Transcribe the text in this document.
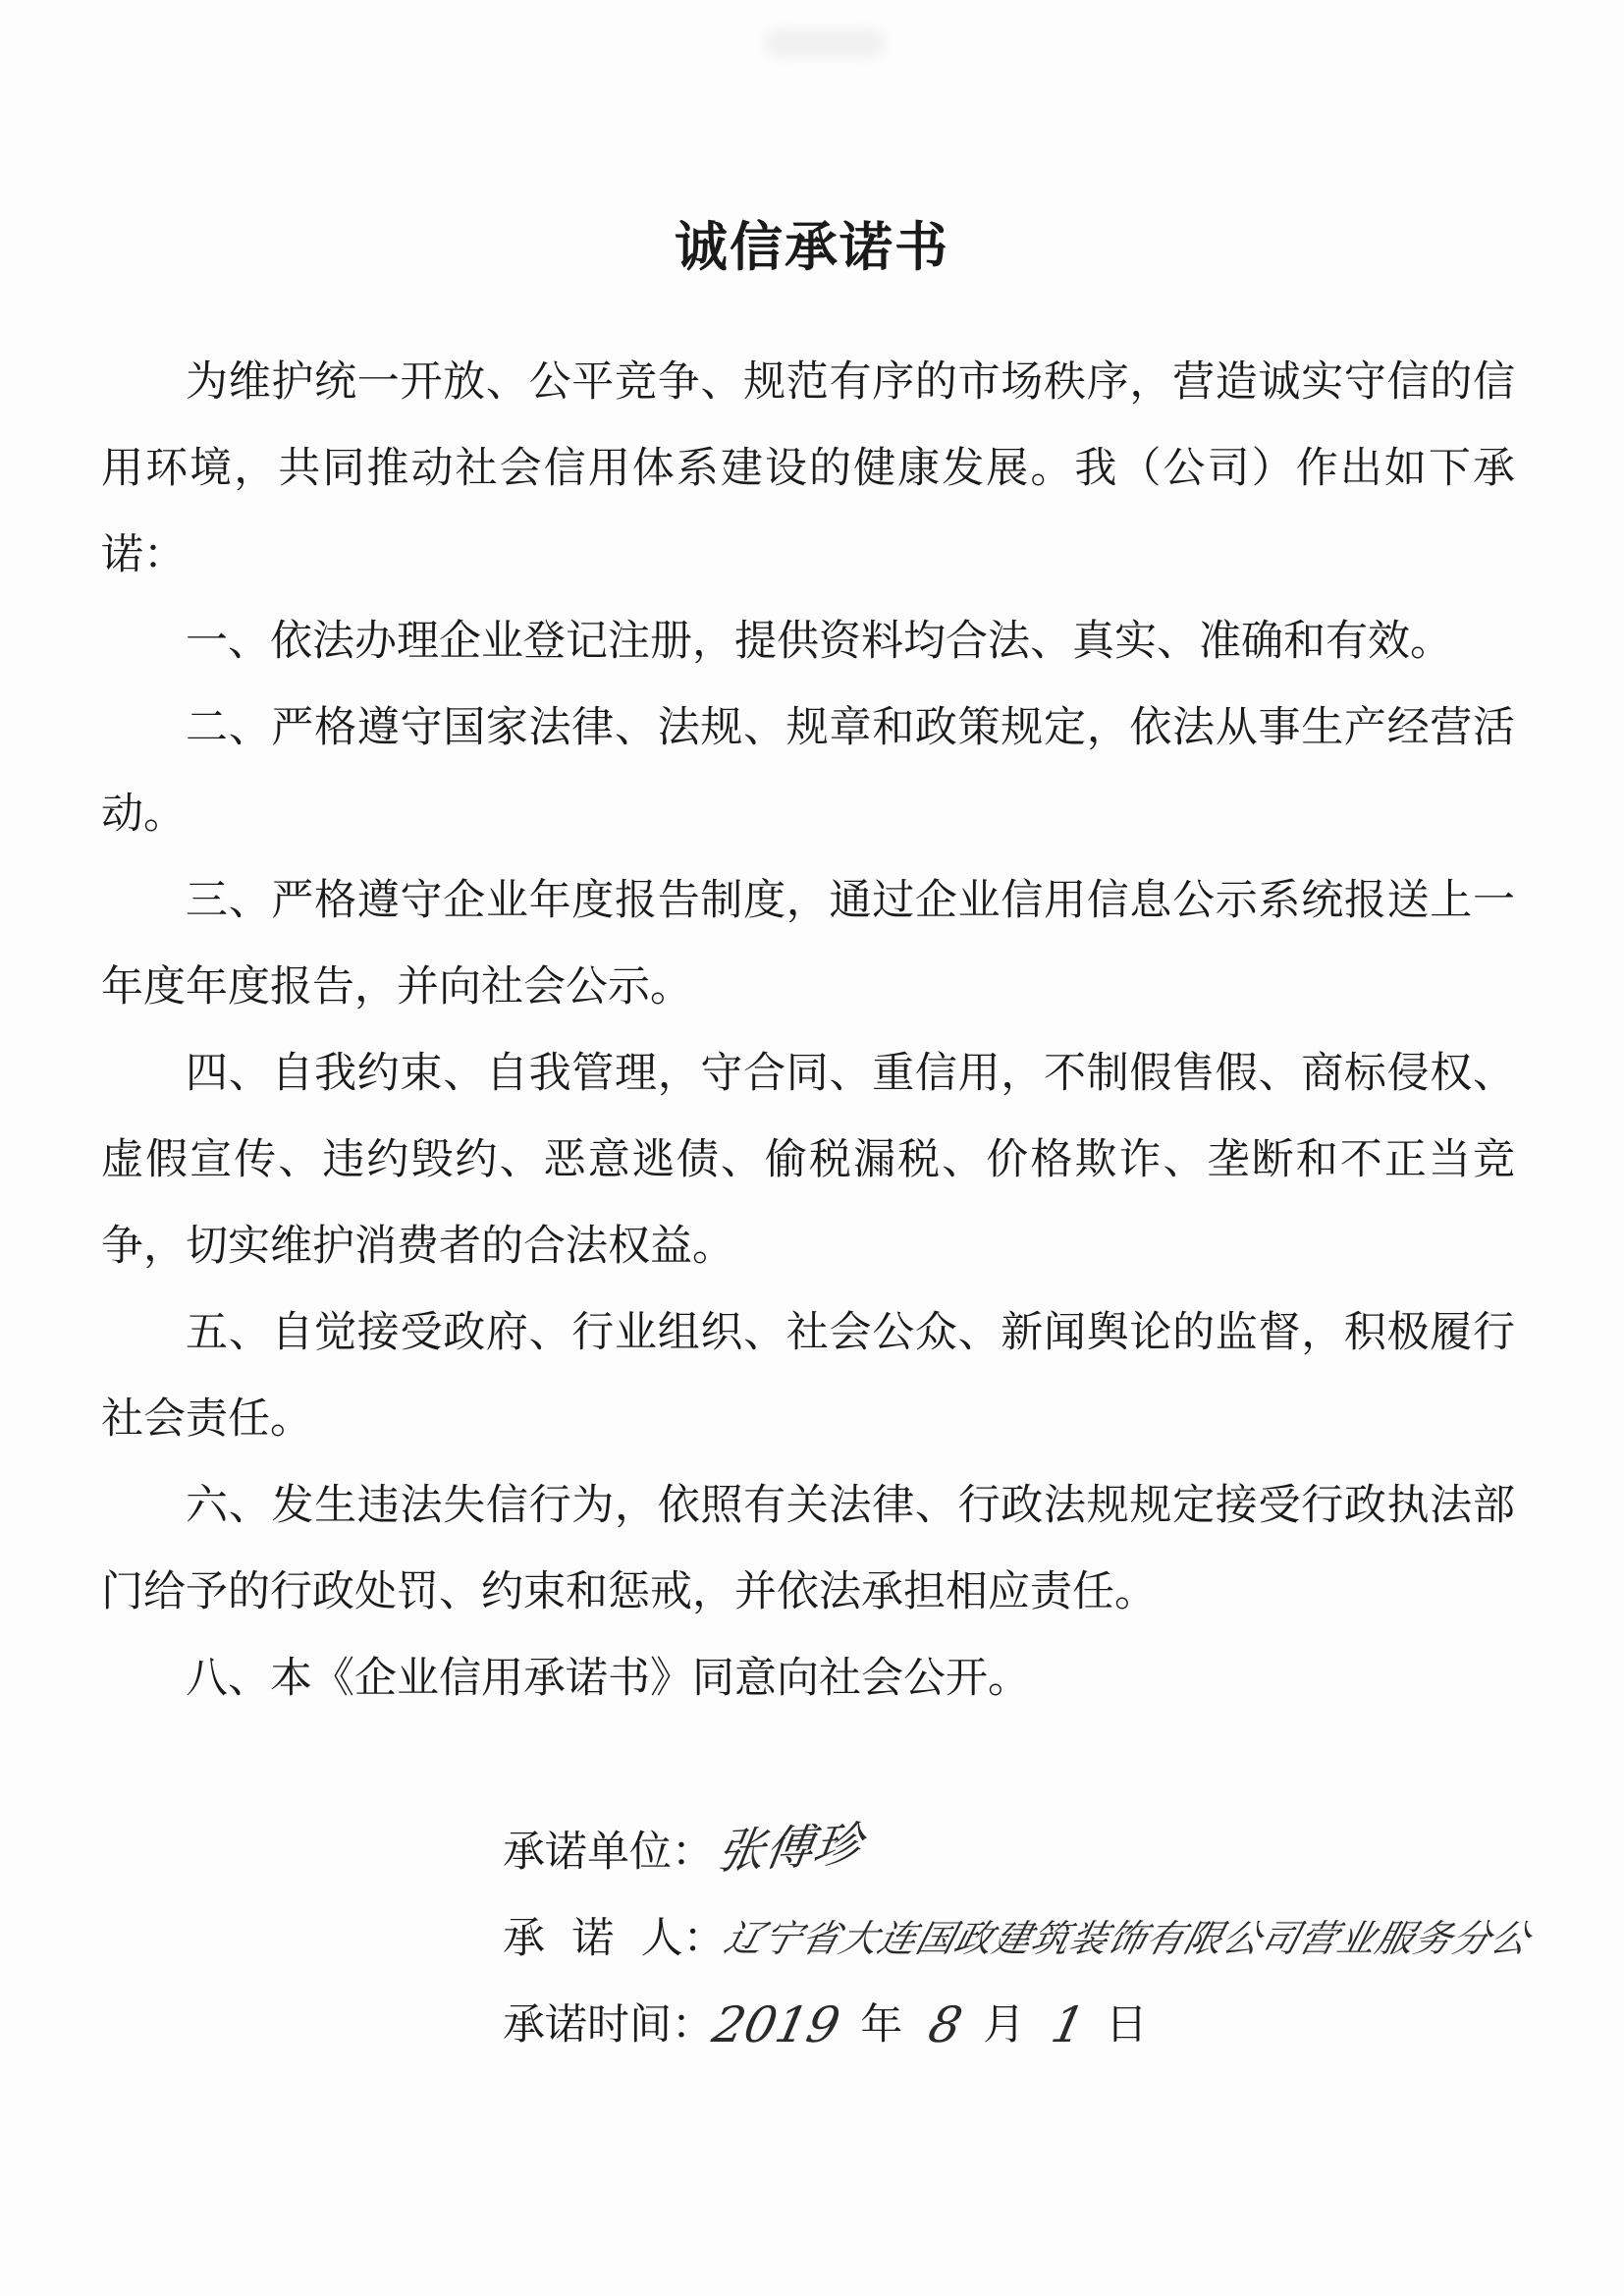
诚信承诺书

为维护统一开放、公平竞争、规范有序的市场秩序，营造诚实守信的信用环境，共同推动社会信用体系建设的健康发展。我（公司）作出如下承诺：

一、依法办理企业登记注册，提供资料均合法、真实、准确和有效。

二、严格遵守国家法律、法规、规章和政策规定，依法从事生产经营活动。

三、严格遵守企业年度报告制度，通过企业信用信息公示系统报送上一年度年度报告，并向社会公示。

四、自我约束、自我管理，守合同、重信用，不制假售假、商标侵权、虚假宣传、违约毁约、恶意逃债、偷税漏税、价格欺诈、垄断和不正当竞争，切实维护消费者的合法权益。

五、自觉接受政府、行业组织、社会公众、新闻舆论的监督，积极履行社会责任。

六、发生违法失信行为，依照有关法律、行政法规规定接受行政执法部门给予的行政处罚、约束和惩戒，并依法承担相应责任。

八、本《企业信用承诺书》同意向社会公开。

承诺单位：张傅珍
承  诺  人：辽宁省大连国政建筑装饰有限公司营业服务分公
承诺时间：2019 年 8 月 1 日
